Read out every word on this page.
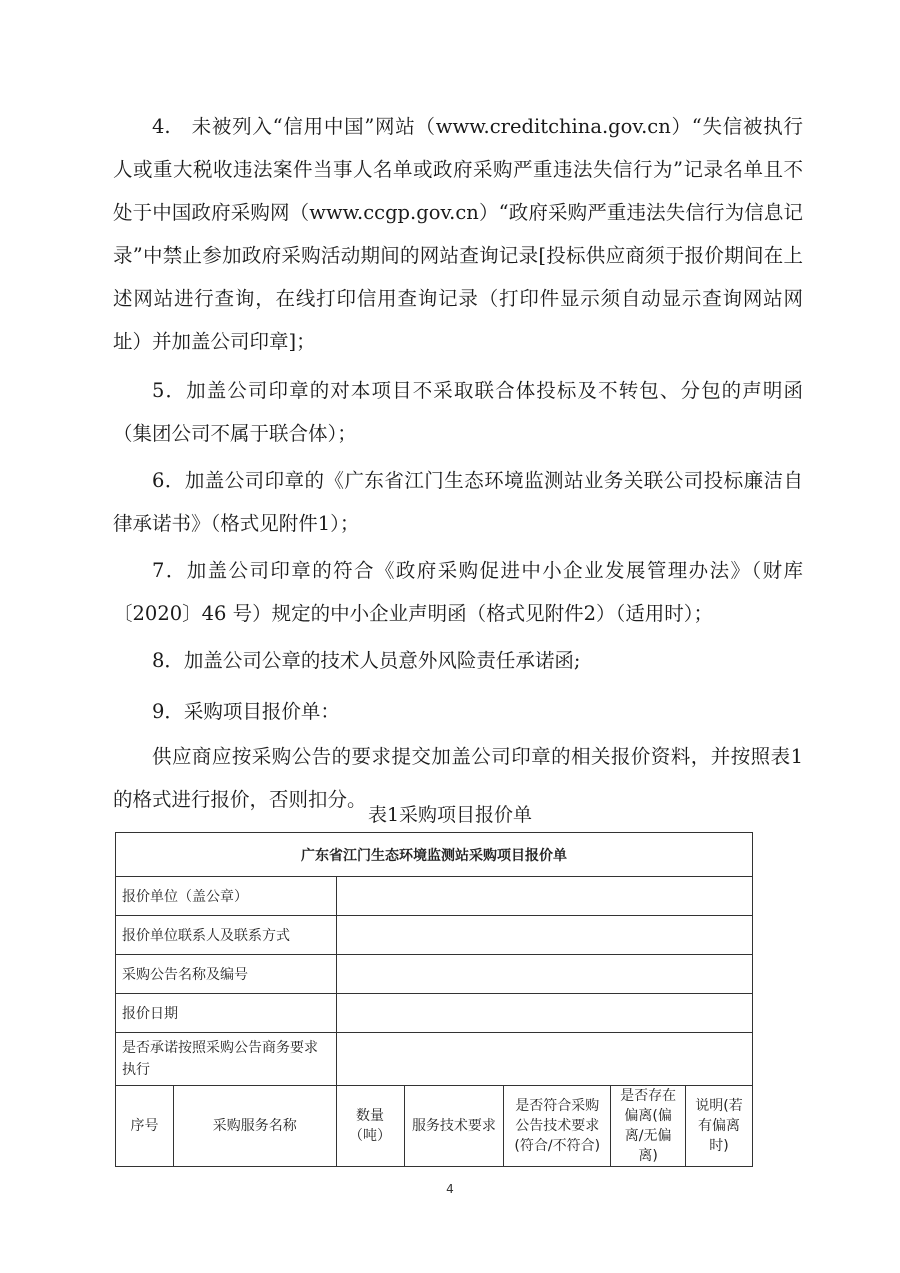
4.　未被列入“信用中国”网站（www.creditchina.gov.cn）“失信被执行人或重大税收违法案件当事人名单或政府采购严重违法失信行为”记录名单且不处于中国政府采购网（www.ccgp.gov.cn）“政府采购严重违法失信行为信息记录”中禁止参加政府采购活动期间的网站查询记录[投标供应商须于报价期间在上述网站进行查询，在线打印信用查询记录（打印件显示须自动显示查询网站网址）并加盖公司印章]；

5．加盖公司印章的对本项目不采取联合体投标及不转包、分包的声明函（集团公司不属于联合体）；

6．加盖公司印章的《广东省江门生态环境监测站业务关联公司投标廉洁自律承诺书》（格式见附件1）；

7．加盖公司印章的符合《政府采购促进中小企业发展管理办法》（财库〔2020〕46 号）规定的中小企业声明函（格式见附件2）（适用时）；

8．加盖公司公章的技术人员意外风险责任承诺函;

9．采购项目报价单：

供应商应按采购公告的要求提交加盖公司印章的相关报价资料，并按照表1的格式进行报价，否则扣分。

表1采购项目报价单
广东省江门生态环境监测站采购项目报价单						
报价单位（盖公章）						
报价单位联系人及联系方式						
采购公告名称及编号						
报价日期						
是否承诺按照采购公告商务要求执行						
序号	采购服务名称	数量（吨）	服务技术要求	是否符合采购公告技术要求(符合/不符合)	是否存在偏离(偏离/无偏离)	说明(若有偏离时)
4
